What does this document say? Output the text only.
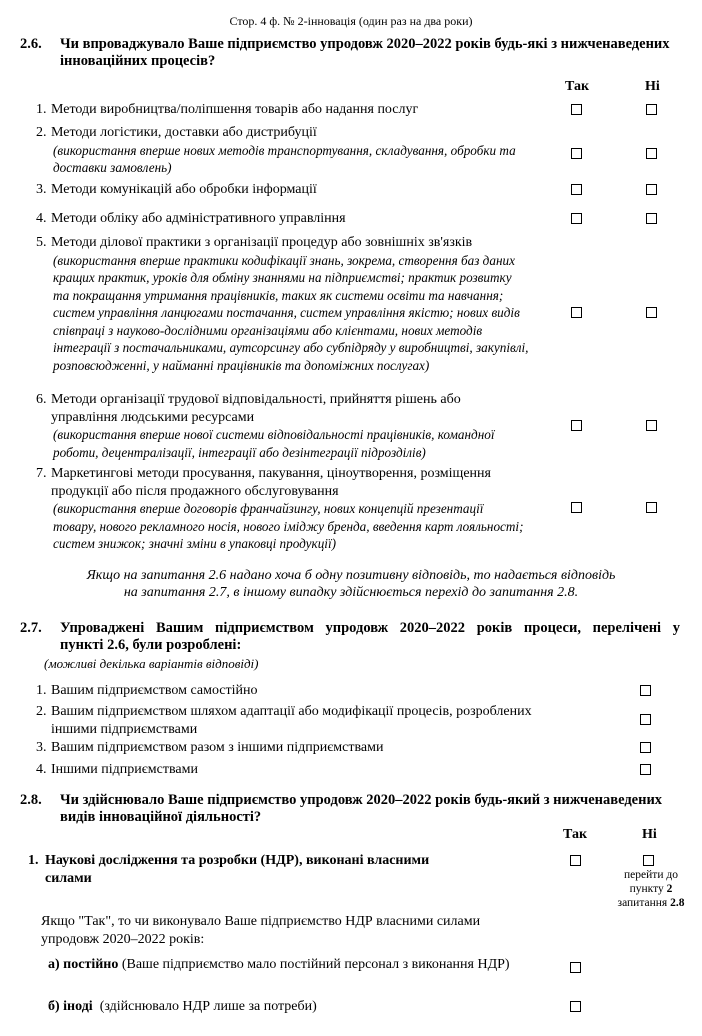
Стор. 4 ф. № 2-інновація (один раз на два роки)
2.6.	Чи впроваджувало Ваше підприємство упродовж 2020–2022 років будь-які з нижченаведених інноваційних процесів?
Так	Ні
1. Методи виробництва/поліпшення товарів або надання послуг
2. Методи логістики, доставки або дистрибуції
(використання вперше нових методів транспортування, складування, обробки та доставки замовлень)
3. Методи комунікацій або обробки інформації
4. Методи обліку або адміністративного управління
5. Методи ділової практики з організації процедур або зовнішніх зв'язків
(використання вперше практики кодифікації знань, зокрема, створення баз даних кращих практик, уроків для обміну знаннями на підприємстві; практик розвитку та покращання утримання працівників, таких як системи освіти та навчання; систем управління ланцюгами постачання, систем управління якістю; нових видів співпраці з науково-дослідними організаціями або клієнтами, нових методів інтеграції з постачальниками, аутсорсингу або субпідряду у виробництві, закупівлі, розповсюдженні, у найманні працівників та допоміжних послугах)
6. Методи організації трудової відповідальності, прийняття рішень або управління людськими ресурсами
(використання вперше нової системи відповідальності працівників, командної роботи, децентралізації, інтеграції або дезінтеграції підрозділів)
7. Маркетингові методи просування, пакування, ціноутворення, розміщення продукції або після продажного обслуговування
(використання вперше договорів франчайзингу, нових концепцій презентації товару, нового рекламного носія, нового іміджу бренда, введення карт лояльності; систем знижок; значні зміни в упаковці продукції)
Якщо на запитання 2.6 надано хоча б одну позитивну відповідь, то надається відповідь
на запитання 2.7, в іншому випадку здійснюється перехід до запитання 2.8.
2.7.	Упроваджені Вашим підприємством упродовж 2020–2022 років процеси, перелічені у
пункті 2.6, були розроблені:
(можливі декілька варіантів відповіді)
1. Вашим підприємством самостійно
2. Вашим підприємством шляхом адаптації або модифікації процесів, розроблених іншими підприємствами
3. Вашим підприємством разом з іншими підприємствами
4. Іншими підприємствами
2.8.	Чи здійснювало Ваше підприємство упродовж 2020–2022 років будь-який з нижченаведених видів інноваційної діяльності?
Так	Ні
1. Наукові дослідження та розробки (НДР), виконані власними силами	перейти до
пункту 2
запитання 2.8
Якщо "Так", то чи виконувало Ваше підприємство НДР власними силами упродовж 2020–2022 років:
а) постійно (Ваше підприємство мало постійний персонал з виконання НДР)
б) іноді  (здійснювало НДР лише за потреби)
